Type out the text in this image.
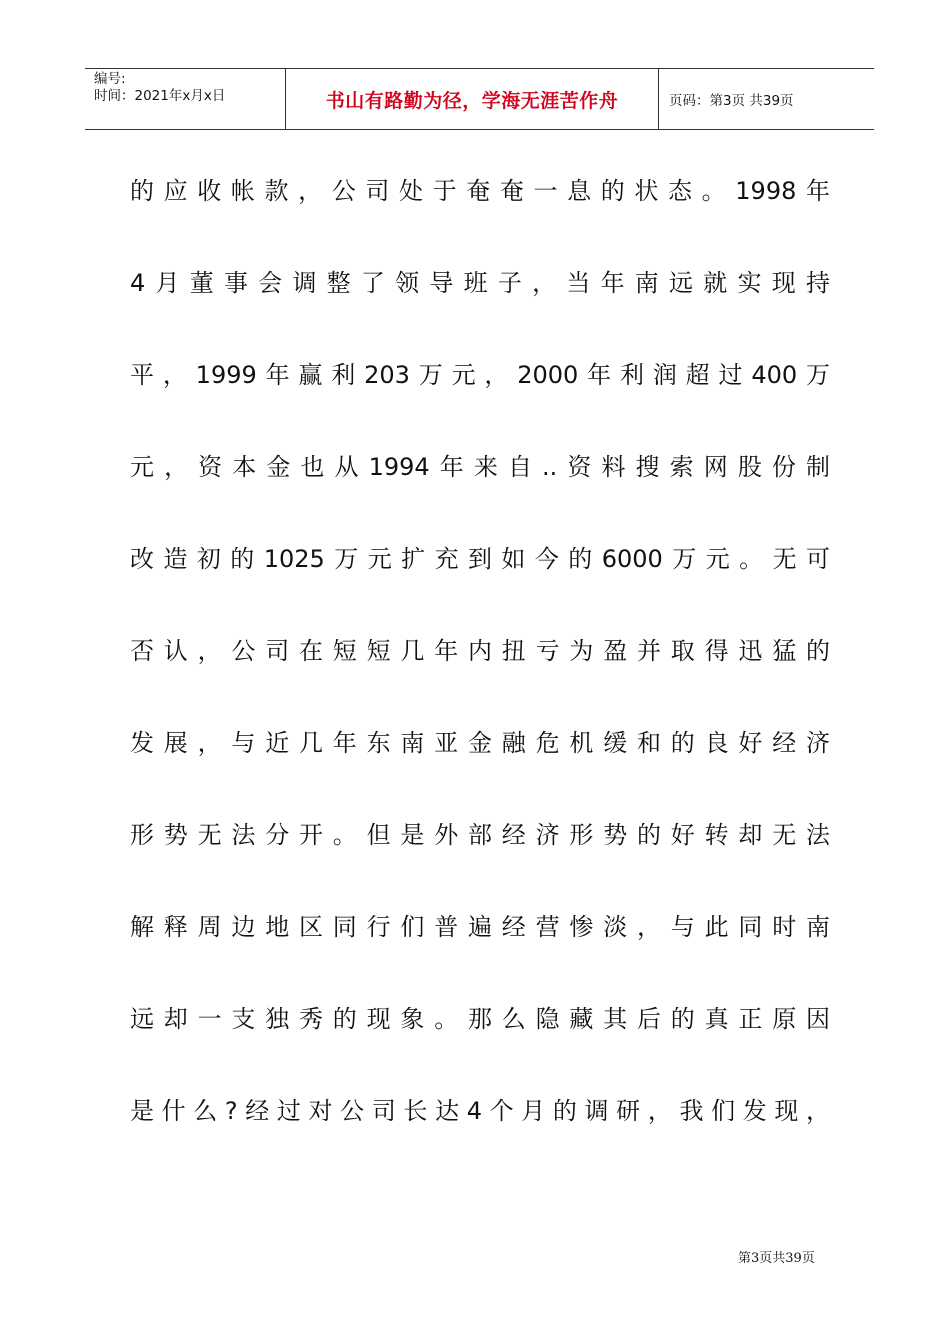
编号:
时间：2021年x月x日	书山有路勤为径，学海无涯苦作舟	页码：第3页 共39页
的应收帐款，公司处于奄奄一息的状态。1998年
4月董事会调整了领导班子，当年南远就实现持
平，1999年赢利203万元，2000年利润超过400万
元，资本金也从1994年来自..资料搜索网股份制
改造初的1025万元扩充到如今的6000万元。无可
否认，公司在短短几年内扭亏为盈并取得迅猛的
发展，与近几年东南亚金融危机缓和的良好经济
形势无法分开。但是外部经济形势的好转却无法
解释周边地区同行们普遍经营惨淡，与此同时南
远却一支独秀的现象。那么隐藏其后的真正原因
是什么?经过对公司长达4个月的调研，我们发现，
第3页共39页
